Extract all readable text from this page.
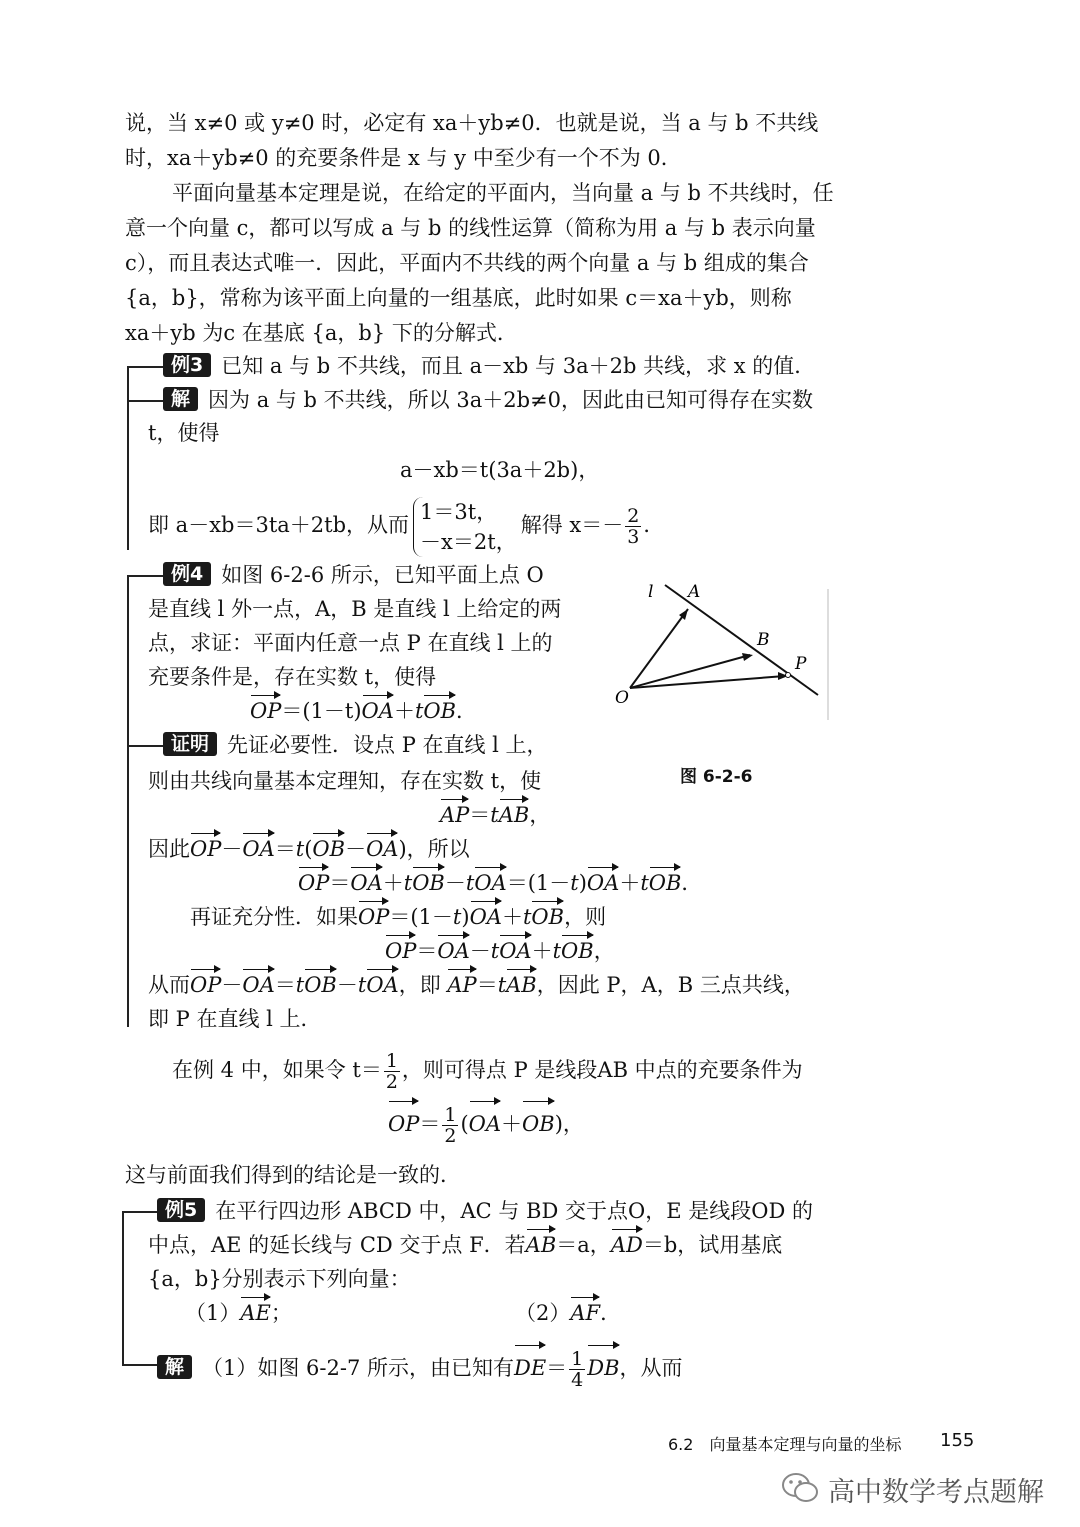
说，当 x≠0 或 y≠0 时，必定有 xa＋yb≠0．也就是说，当 a 与 b 不共线
时，xa＋yb≠0 的充要条件是 x 与 y 中至少有一个不为 0．
平面向量基本定理是说，在给定的平面内，当向量 a 与 b 不共线时，任
意一个向量 c，都可以写成 a 与 b 的线性运算（简称为用 a 与 b 表示向量
c），而且表达式唯一．因此，平面内不共线的两个向量 a 与 b 组成的集合
{a，b}，常称为该平面上向量的一组基底，此时如果 c＝xa＋yb，则称
xa＋yb 为c 在基底 {a，b} 下的分解式．
例3 已知 a 与 b 不共线，而且 a－xb 与 3a＋2b 共线，求 x 的值．
解 因为 a 与 b 不共线，所以 3a＋2b≠0，因此由已知可得存在实数
t，使得
a－xb＝t(3a＋2b)，
即 a－xb＝3ta＋2tb，从而
1＝3t，
－x＝2t，
解得 $x=- \frac{2}{3}$ ．
例4 如图 6-2-6 所示，已知平面上点 O
是直线 l 外一点，A，B 是直线 l 上给定的两
点，求证：平面内任意一点 P 在直线 l 上的
充要条件是，存在实数 t，使得
OP＝(1－t)OA＋tOB．
l A
B
P
O
图 6-2-6
证明 先证必要性．设点 P 在直线 l 上，
则由共线向量基本定理知，存在实数 t，使
AP＝tAB，
因此OP－OA＝t(OB－OA)，所以
OP＝OA＋tOB－tOA＝(1－t)OA＋tOB．
再证充分性．如果OP＝(1－t)OA＋tOB，则
OP＝OA－tOA＋tOB，
从而OP－OA＝tOB－tOA，即 AP＝tAB，因此 P，A，B 三点共线，
即 P 在直线 l 上．
在例 4 中，如果令 $t= \frac{1}{2}$ ，则可得点 P 是线段AB 中点的充要条件为
$OP= \frac{1}{2} (OA+OB)$，
这与前面我们得到的结论是一致的．
例5 在平行四边形 ABCD 中，AC 与 BD 交于点O，E 是线段OD 的
中点，AE 的延长线与 CD 交于点 F．若AB＝a，AD＝b，试用基底
{a，b}分别表示下列向量：
（1）AE；	（2）AF．
解 （1）如图 6-2-7 所示，由已知有$DE= \frac{1}{4}$ DB，从而
6.2　向量基本定理与向量的坐标 155
高中数学考点题解
